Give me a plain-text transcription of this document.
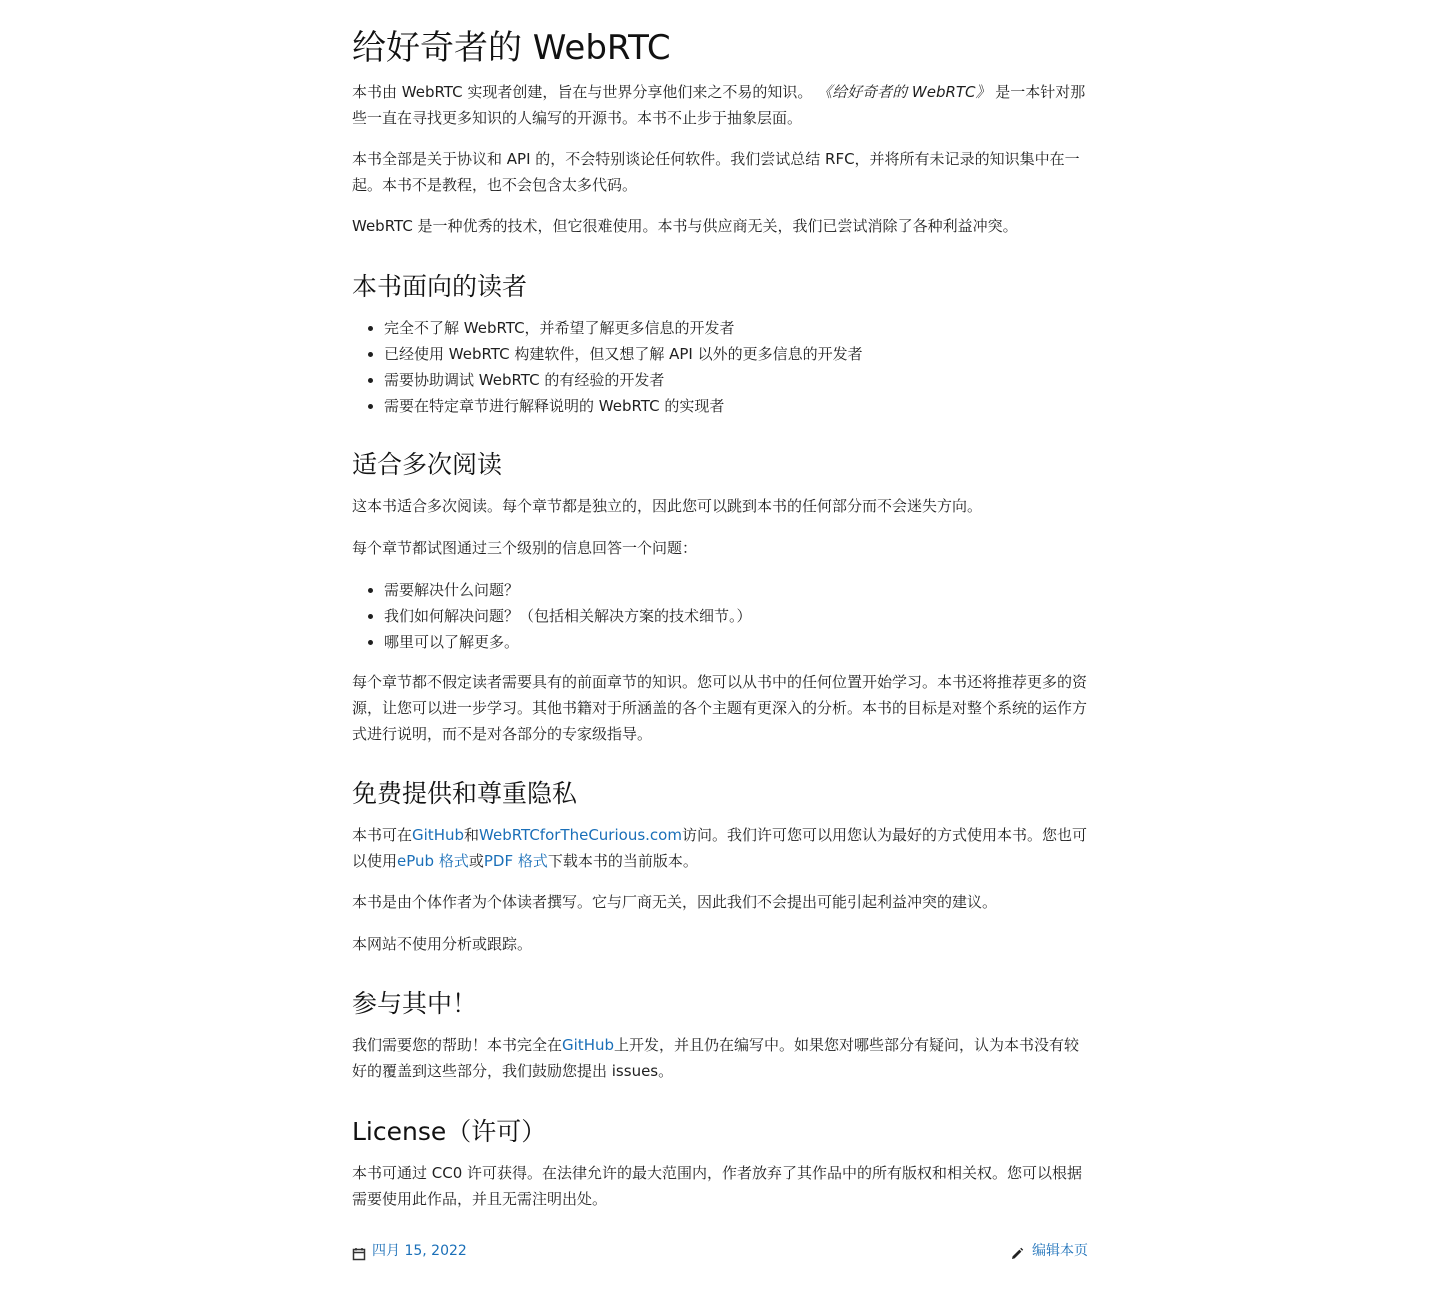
给好奇者的 WebRTC

本书由 WebRTC 实现者创建，旨在与世界分享他们来之不易的知识。 《给好奇者的 WebRTC》 是一本针对那些一直在寻找更多知识的人编写的开源书。本书不止步于抽象层面。

本书全部是关于协议和 API 的，不会特别谈论任何软件。我们尝试总结 RFC，并将所有未记录的知识集中在一起。本书不是教程，也不会包含太多代码。

WebRTC 是一种优秀的技术，但它很难使用。本书与供应商无关，我们已尝试消除了各种利益冲突。

本书面向的读者
• 完全不了解 WebRTC，并希望了解更多信息的开发者
• 已经使用 WebRTC 构建软件，但又想了解 API 以外的更多信息的开发者
• 需要协助调试 WebRTC 的有经验的开发者
• 需要在特定章节进行解释说明的 WebRTC 的实现者
适合多次阅读

这本书适合多次阅读。每个章节都是独立的，因此您可以跳到本书的任何部分而不会迷失方向。

每个章节都试图通过三个级别的信息回答一个问题：

• 需要解决什么问题？
• 我们如何解决问题？（包括相关解决方案的技术细节。）
• 哪里可以了解更多。

每个章节都不假定读者需要具有的前面章节的知识。您可以从书中的任何位置开始学习。本书还将推荐更多的资源，让您可以进一步学习。其他书籍对于所涵盖的各个主题有更深入的分析。本书的目标是对整个系统的运作方式进行说明，而不是对各部分的专家级指导。

免费提供和尊重隐私

本书可在GitHub和WebRTCforTheCurious.com访问。我们许可您可以用您认为最好的方式使用本书。您也可以使用ePub 格式或PDF 格式下载本书的当前版本。

本书是由个体作者为个体读者撰写。它与厂商无关，因此我们不会提出可能引起利益冲突的建议。

本网站不使用分析或跟踪。

参与其中！

我们需要您的帮助！本书完全在GitHub上开发，并且仍在编写中。如果您对哪些部分有疑问，认为本书没有较好的覆盖到这些部分，我们鼓励您提出 issues。

License（许可）

本书可通过 CC0 许可获得。在法律允许的最大范围内，作者放弃了其作品中的所有版权和相关权。您可以根据需要使用此作品，并且无需注明出处。

四月 15, 2022	编辑本页
